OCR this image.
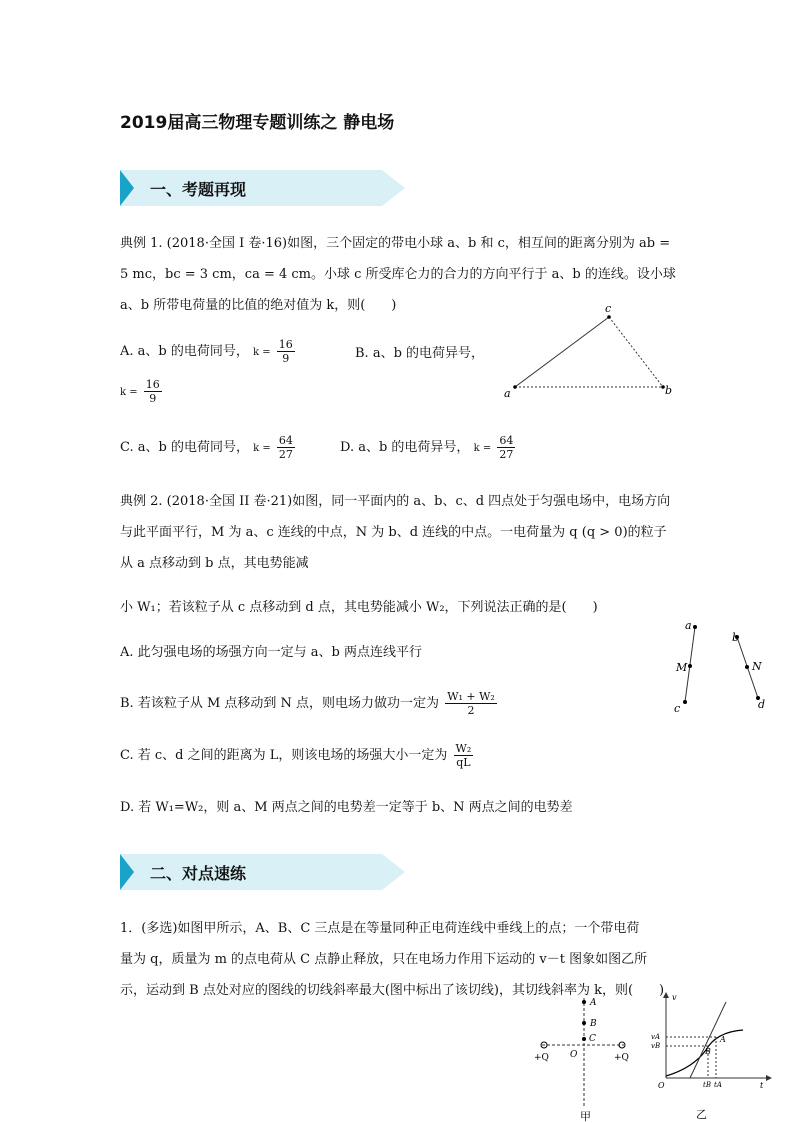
2019届高三物理专题训练之 静电场
一、考题再现
典例 1. (2018·全国 I 卷·16)如图，三个固定的带电小球 a、b 和 c，相互间的距离分别为 ab =
5 mc，bc = 3 cm，ca = 4 cm。小球 c 所受库仑力的合力的方向平行于 a、b 的连线。设小球
a、b 所带电荷量的比值的绝对值为 k，则(　　)
A. a、b 的电荷同号， $k = \frac{16}{9}$	B. a、b 的电荷异号，
$k = \frac{16}{9}$
C. a、b 的电荷同号， $k = \frac{64}{27}$	D. a、b 的电荷异号， $k = \frac{64}{27}$
a	b
c
典例 2. (2018·全国 II 卷·21)如图，同一平面内的 a、b、c、d 四点处于匀强电场中，电场方向
与此平面平行，M 为 a、c 连线的中点，N 为 b、d 连线的中点。一电荷量为 q (q > 0)的粒子
从 a 点移动到 b 点，其电势能减
小 W₁；若该粒子从 c 点移动到 d 点，其电势能减小 W₂，下列说法正确的是(　　)
A. 此匀强电场的场强方向一定与 a、b 两点连线平行
B. 若该粒子从 M 点移动到 N 点，则电场力做功一定为 $\frac{\text{W₁ + W₂}}{2}$
C. 若 c、d 之间的距离为 L，则该电场的场强大小一定为 $\frac{\text{W₂}}{qL}$
D. 若 W₁=W₂，则 a、M 两点之间的电势差一定等于 b、N 两点之间的电势差
a
M
c
b
N
d
二、对点速练
1．(多选)如图甲所示，A、B、C 三点是在等量同种正电荷连线中垂线上的点；一个带电荷
量为 q，质量为 m 的点电荷从 C 点静止释放，只在电场力作用下运动的 v－t 图象如图乙所
示，运动到 B 点处对应的图线的切线斜率最大(图中标出了该切线)，其切线斜率为 k，则(　　)
A
B
C
O
+Q	+Q
甲
v
t
O
vA
vB
tB tA
A
B
乙
